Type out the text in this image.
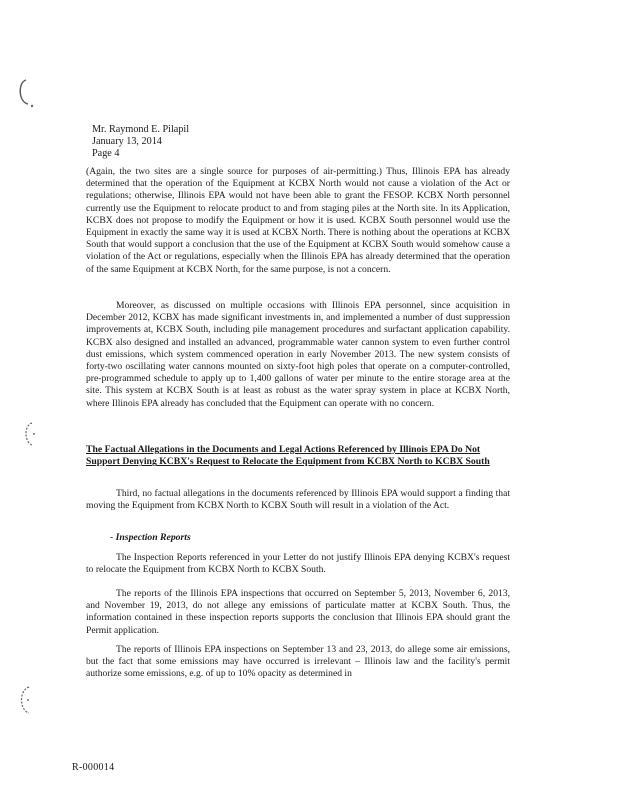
Mr. Raymond E. Pilapil
January 13, 2014
Page 4

(Again, the two sites are a single source for purposes of air-permitting.) Thus, Illinois EPA has already determined that the operation of the Equipment at KCBX North would not cause a violation of the Act or regulations; otherwise, Illinois EPA would not have been able to grant the FESOP. KCBX North personnel currently use the Equipment to relocate product to and from staging piles at the North site. In its Application, KCBX does not propose to modify the Equipment or how it is used. KCBX South personnel would use the Equipment in exactly the same way it is used at KCBX North. There is nothing about the operations at KCBX South that would support a conclusion that the use of the Equipment at KCBX South would somehow cause a violation of the Act or regulations, especially when the Illinois EPA has already determined that the operation of the same Equipment at KCBX North, for the same purpose, is not a concern.

Moreover, as discussed on multiple occasions with Illinois EPA personnel, since acquisition in December 2012, KCBX has made significant investments in, and implemented a number of dust suppression improvements at, KCBX South, including pile management procedures and surfactant application capability. KCBX also designed and installed an advanced, programmable water cannon system to even further control dust emissions, which system commenced operation in early November 2013. The new system consists of forty-two oscillating water cannons mounted on sixty-foot high poles that operate on a computer-controlled, pre-programmed schedule to apply up to 1,400 gallons of water per minute to the entire storage area at the site. This system at KCBX South is at least as robust as the water spray system in place at KCBX North, where Illinois EPA already has concluded that the Equipment can operate with no concern.

The Factual Allegations in the Documents and Legal Actions Referenced by Illinois EPA Do Not Support Denying KCBX's Request to Relocate the Equipment from KCBX North to KCBX South

Third, no factual allegations in the documents referenced by Illinois EPA would support a finding that moving the Equipment from KCBX North to KCBX South will result in a violation of the Act.

- Inspection Reports

The Inspection Reports referenced in your Letter do not justify Illinois EPA denying KCBX's request to relocate the Equipment from KCBX North to KCBX South.

The reports of the Illinois EPA inspections that occurred on September 5, 2013, November 6, 2013, and November 19, 2013, do not allege any emissions of particulate matter at KCBX South. Thus, the information contained in these inspection reports supports the conclusion that Illinois EPA should grant the Permit application.

The reports of Illinois EPA inspections on September 13 and 23, 2013, do allege some air emissions, but the fact that some emissions may have occurred is irrelevant – Illinois law and the facility's permit authorize some emissions, e.g. of up to 10% opacity as determined in

R-000014
